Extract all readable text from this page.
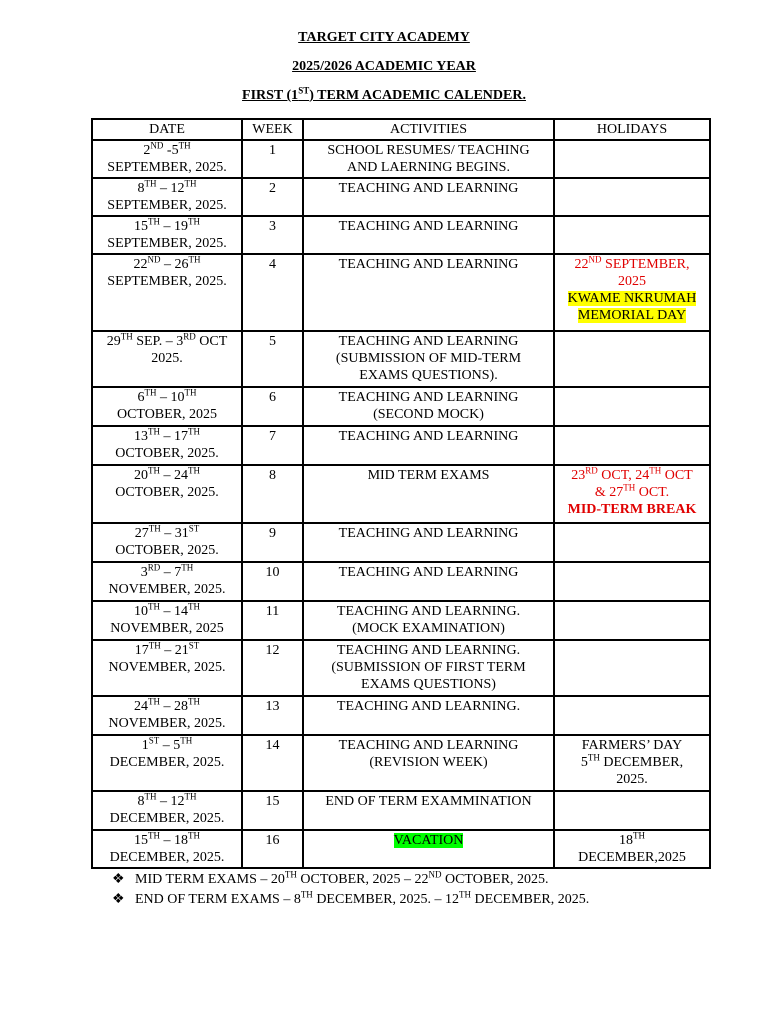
TARGET CITY ACADEMY
2025/2026 ACADEMIC YEAR
FIRST (1ST) TERM ACADEMIC CALENDER.
DATE	WEEK	ACTIVITIES	HOLIDAYS
2ND -5TH
SEPTEMBER, 2025.	1	SCHOOL RESUMES/ TEACHING
AND LAERNING BEGINS.	
8TH – 12TH
SEPTEMBER, 2025.	2	TEACHING AND LEARNING	
15TH – 19TH
SEPTEMBER, 2025.	3	TEACHING AND LEARNING	
22ND – 26TH
SEPTEMBER, 2025.	4	TEACHING AND LEARNING	22ND SEPTEMBER,
2025
KWAME NKRUMAH
MEMORIAL DAY
29TH SEP. – 3RD OCT
2025.	5	TEACHING AND LEARNING
(SUBMISSION OF MID-TERM
EXAMS QUESTIONS).	
6TH – 10TH
OCTOBER, 2025	6	TEACHING AND LEARNING
(SECOND MOCK)	
13TH – 17TH
OCTOBER, 2025.	7	TEACHING AND LEARNING	
20TH – 24TH
OCTOBER, 2025.	8	MID TERM EXAMS	23RD OCT, 24TH OCT
& 27TH OCT.
MID-TERM BREAK
27TH – 31ST
OCTOBER, 2025.	9	TEACHING AND LEARNING	
3RD – 7TH
NOVEMBER, 2025.	10	TEACHING AND LEARNING	
10TH – 14TH
NOVEMBER, 2025	11	TEACHING AND LEARNING.
(MOCK EXAMINATION)	
17TH – 21ST
NOVEMBER, 2025.	12	TEACHING AND LEARNING.
(SUBMISSION OF FIRST TERM
EXAMS QUESTIONS)	
24TH – 28TH
NOVEMBER, 2025.	13	TEACHING AND LEARNING.	
1ST – 5TH
DECEMBER, 2025.	14	TEACHING AND LEARNING
(REVISION WEEK)	FARMERS’ DAY
5TH DECEMBER,
2025.
8TH – 12TH
DECEMBER, 2025.	15	END OF TERM EXAMMINATION	
15TH – 18TH
DECEMBER, 2025.	16	VACATION	18TH
DECEMBER,2025
❖ MID TERM EXAMS – 20TH OCTOBER, 2025 – 22ND OCTOBER, 2025.
❖ END OF TERM EXAMS – 8TH DECEMBER, 2025. – 12TH DECEMBER, 2025.
